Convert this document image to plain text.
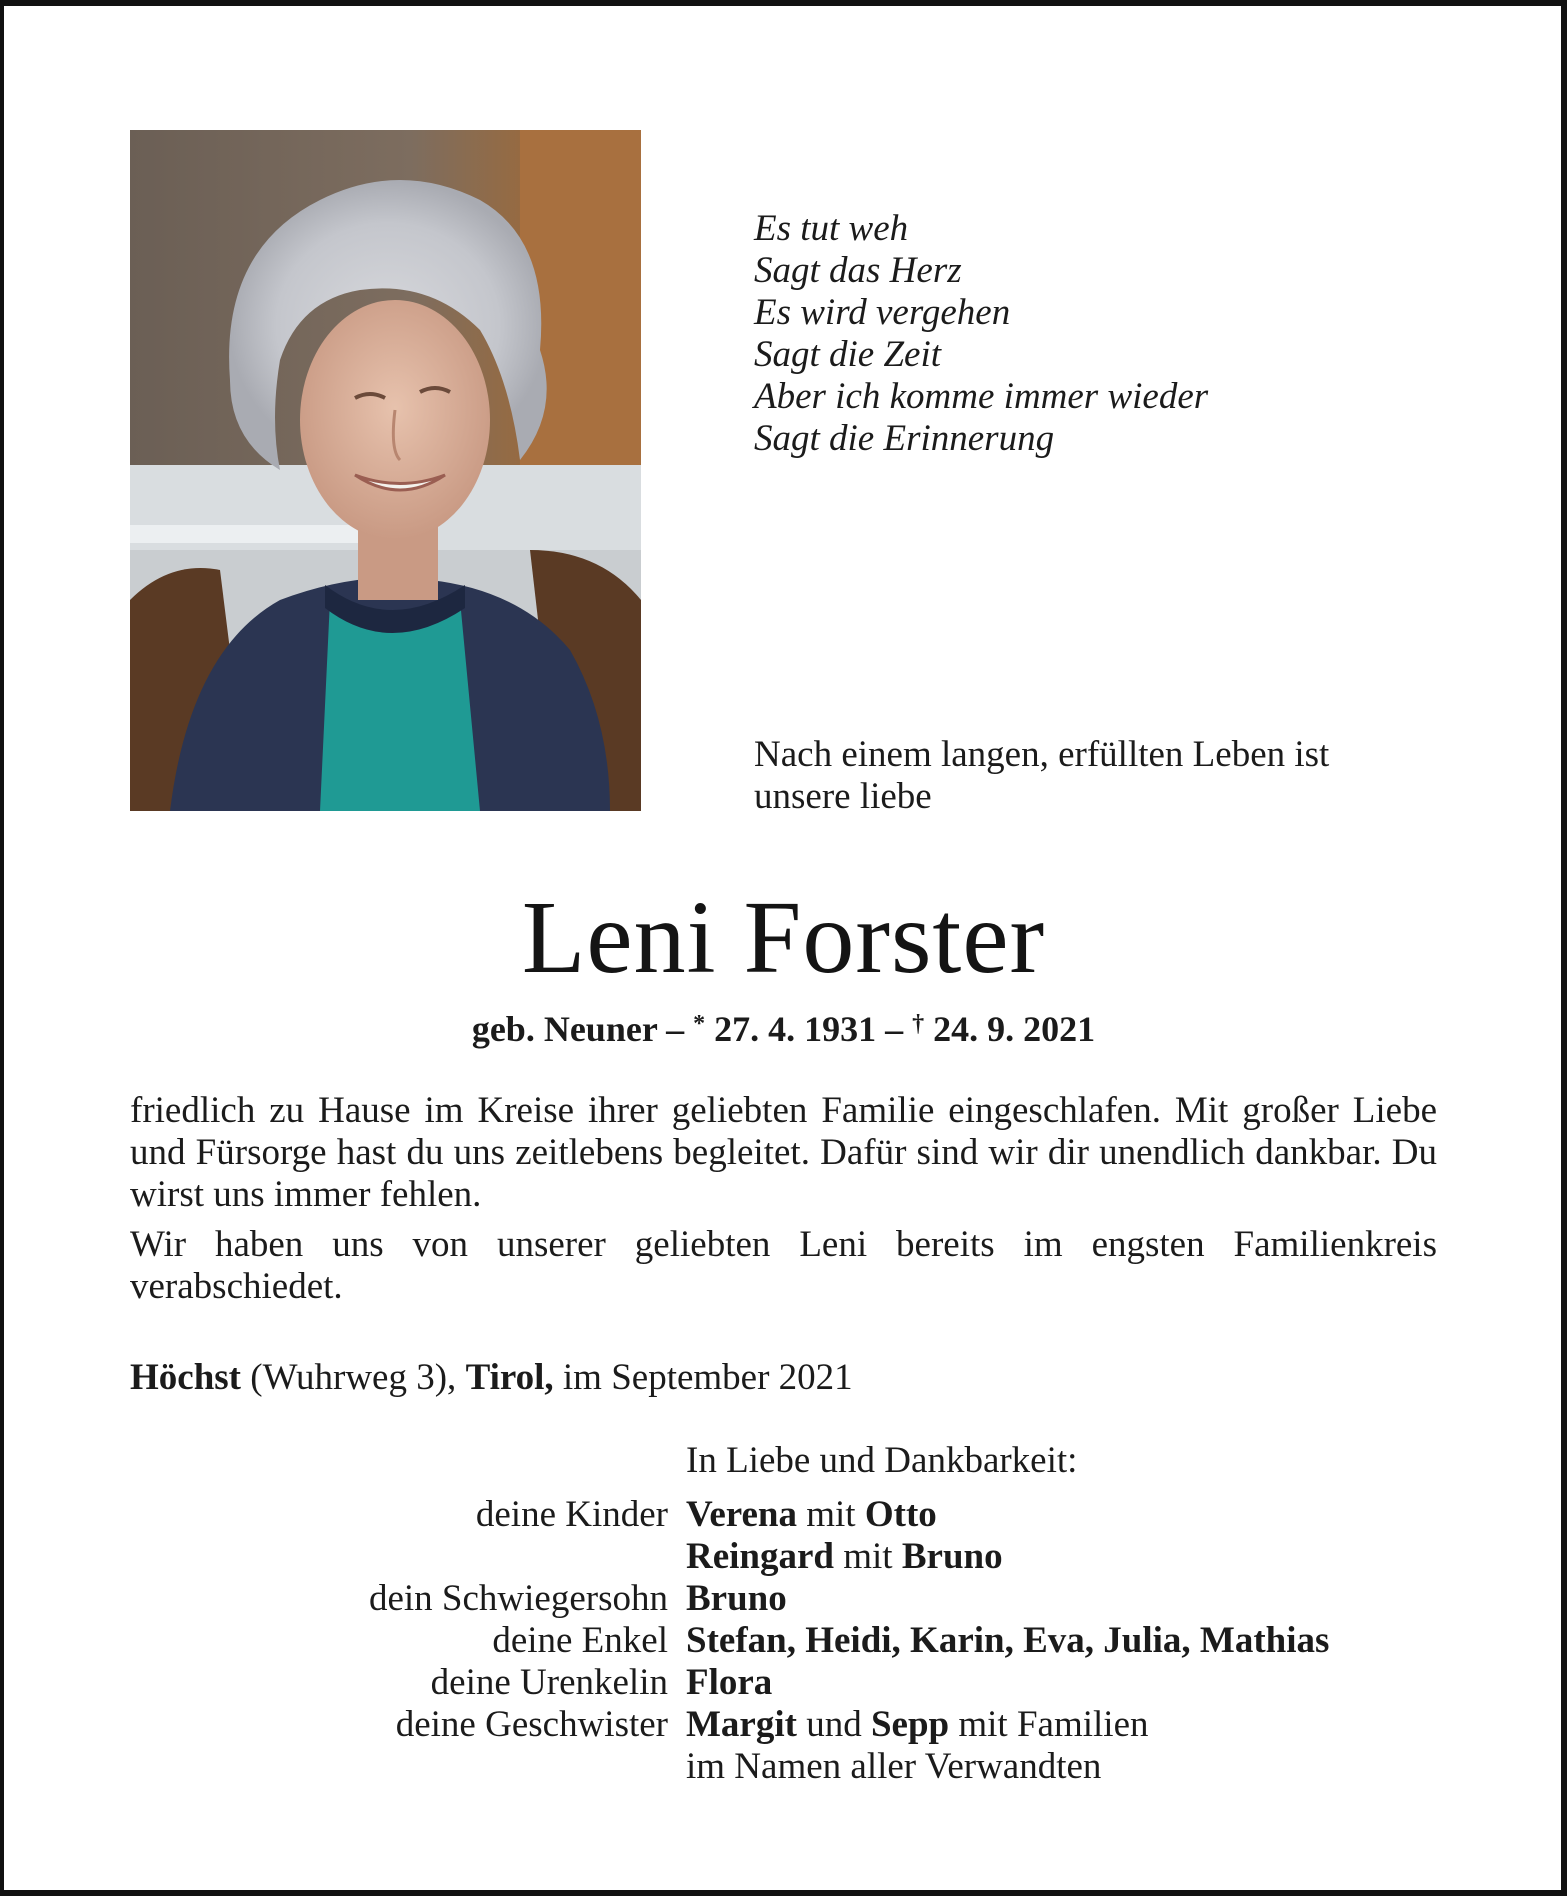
Es tut weh
Sagt das Herz
Es wird vergehen
Sagt die Zeit
Aber ich komme immer wieder
Sagt die Erinnerung
Nach einem langen, erfüllten Leben ist
unsere liebe
Leni Forster
geb. Neuner – * 27. 4. 1931 – † 24. 9. 2021

friedlich zu Hause im Kreise ihrer geliebten Familie eingeschlafen. Mit großer Liebe und Fürsorge hast du uns zeitlebens begleitet. Dafür sind wir dir unendlich dankbar. Du wirst uns immer fehlen.

Wir haben uns von unserer geliebten Leni bereits im engsten Familienkreis verabschiedet.

Höchst (Wuhrweg 3), Tirol, im September 2021
In Liebe und Dankbarkeit:
deine Kinder Verena mit Otto
Reingard mit Bruno
dein Schwiegersohn Bruno
deine Enkel Stefan, Heidi, Karin, Eva, Julia, Mathias
deine Urenkelin Flora
deine Geschwister Margit und Sepp mit Familien
im Namen aller Verwandten
